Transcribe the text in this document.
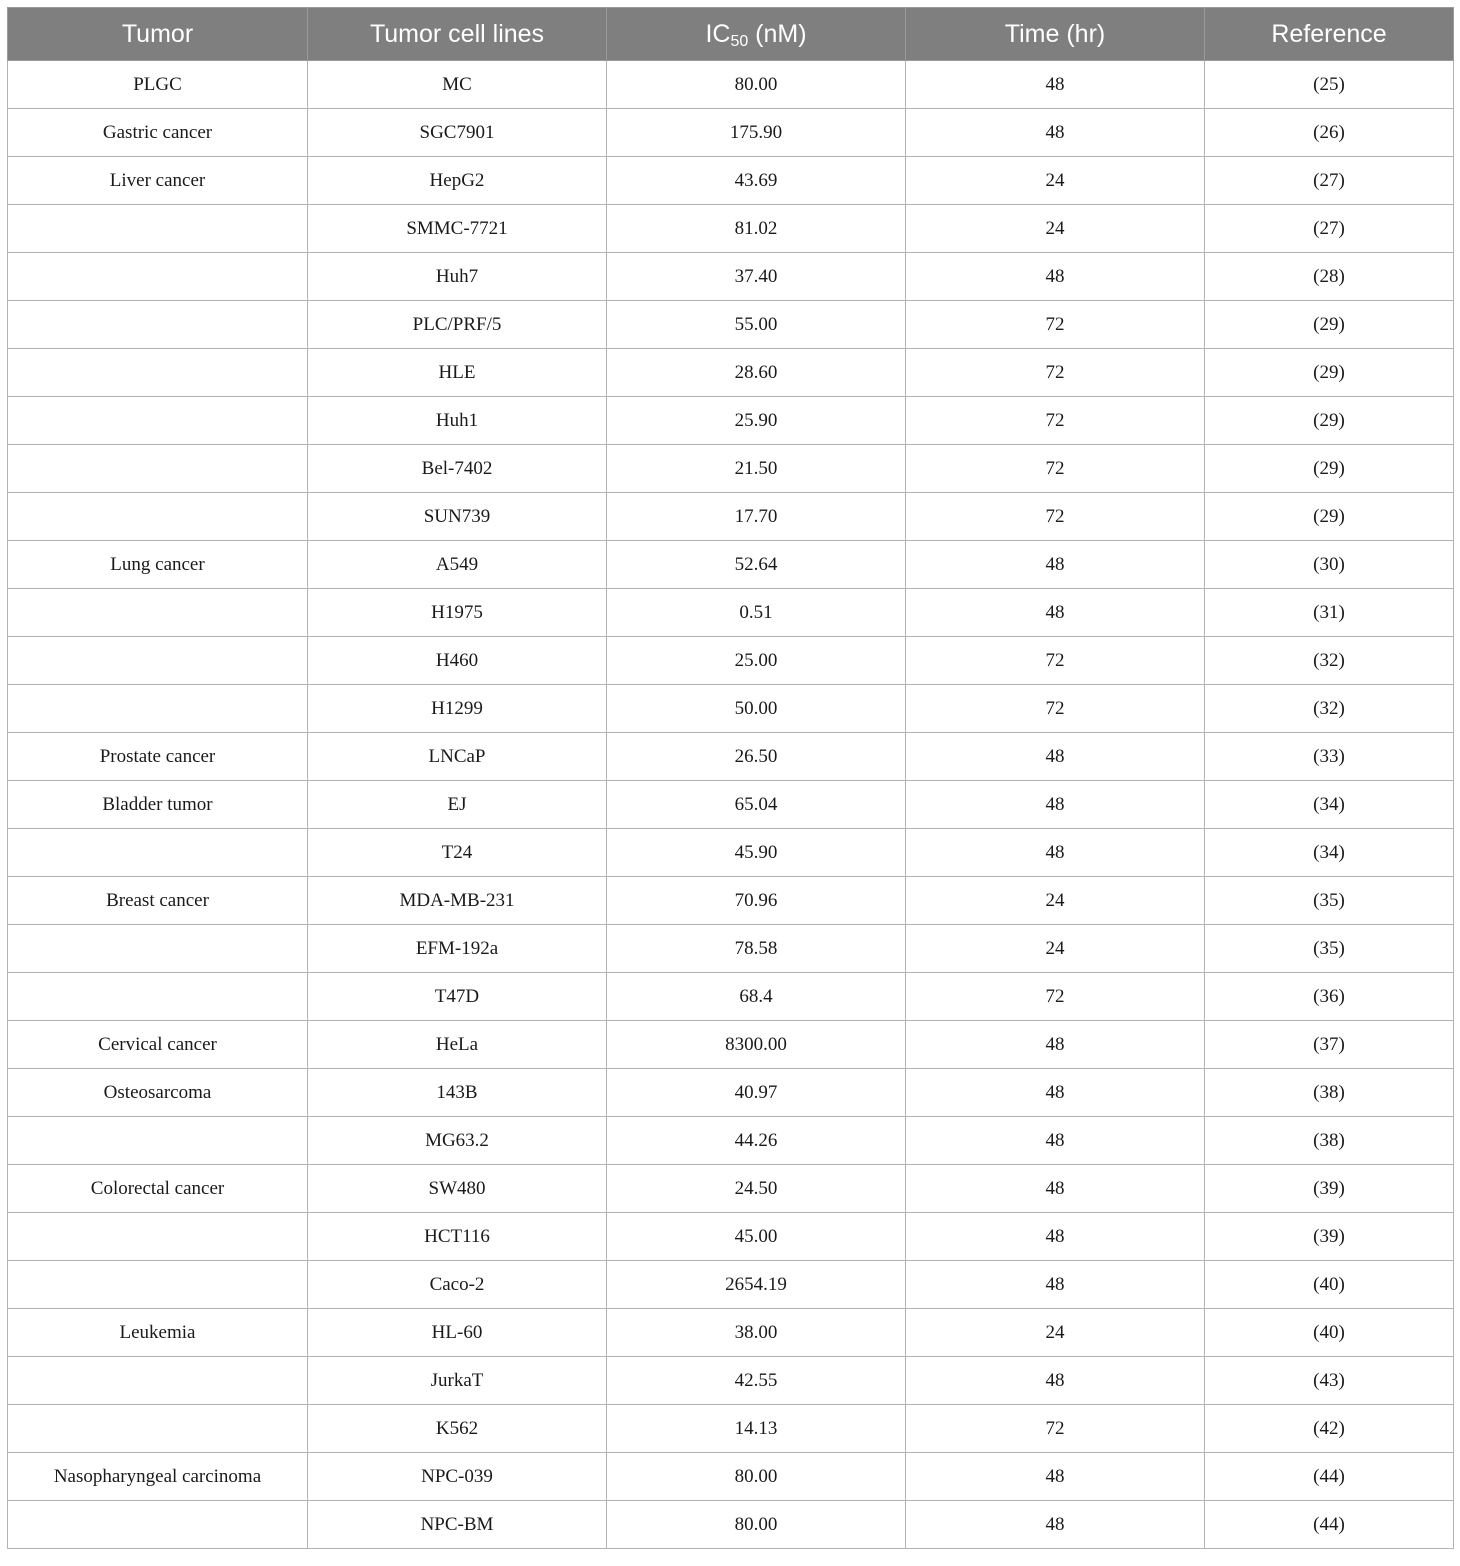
Tumor	Tumor cell lines	$IC_{50}$ (nM)	Time (hr)	Reference
PLGC	MC	80.00	48	(25)
Gastric cancer	SGC7901	175.90	48	(26)
Liver cancer	HepG2	43.69	24	(27)
	SMMC-7721	81.02	24	(27)
	Huh7	37.40	48	(28)
	PLC/PRF/5	55.00	72	(29)
	HLE	28.60	72	(29)
	Huh1	25.90	72	(29)
	Bel-7402	21.50	72	(29)
	SUN739	17.70	72	(29)
Lung cancer	A549	52.64	48	(30)
	H1975	0.51	48	(31)
	H460	25.00	72	(32)
	H1299	50.00	72	(32)
Prostate cancer	LNCaP	26.50	48	(33)
Bladder tumor	EJ	65.04	48	(34)
	T24	45.90	48	(34)
Breast cancer	MDA-MB-231	70.96	24	(35)
	EFM-192a	78.58	24	(35)
	T47D	68.4	72	(36)
Cervical cancer	HeLa	8300.00	48	(37)
Osteosarcoma	143B	40.97	48	(38)
	MG63.2	44.26	48	(38)
Colorectal cancer	SW480	24.50	48	(39)
	HCT116	45.00	48	(39)
	Caco-2	2654.19	48	(40)
Leukemia	HL-60	38.00	24	(40)
	JurkaT	42.55	48	(43)
	K562	14.13	72	(42)
Nasopharyngeal carcinoma	NPC-039	80.00	48	(44)
	NPC-BM	80.00	48	(44)
